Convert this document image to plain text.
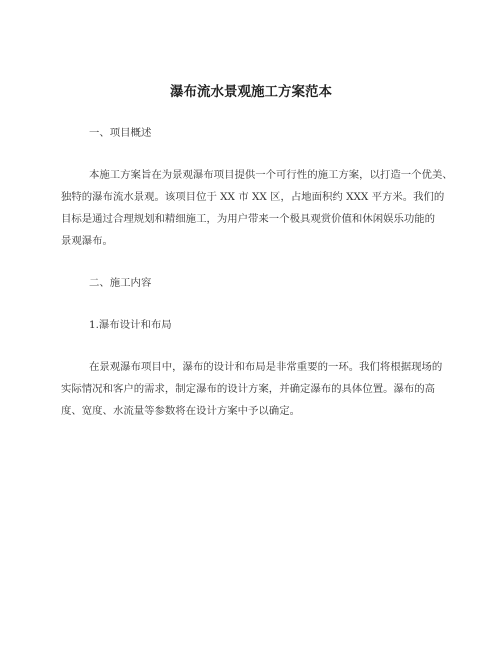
瀑布流水景观施工方案范本
一、项目概述
本施工方案旨在为景观瀑布项目提供一个可行性的施工方案，以打造一个优美、
独特的瀑布流水景观。该项目位于 XX 市 XX 区，占地面积约 XXX 平方米。我们的
目标是通过合理规划和精细施工，为用户带来一个极具观赏价值和休闲娱乐功能的
景观瀑布。
二、施工内容
1.瀑布设计和布局
在景观瀑布项目中，瀑布的设计和布局是非常重要的一环。我们将根据现场的
实际情况和客户的需求，制定瀑布的设计方案，并确定瀑布的具体位置。瀑布的高
度、宽度、水流量等参数将在设计方案中予以确定。
